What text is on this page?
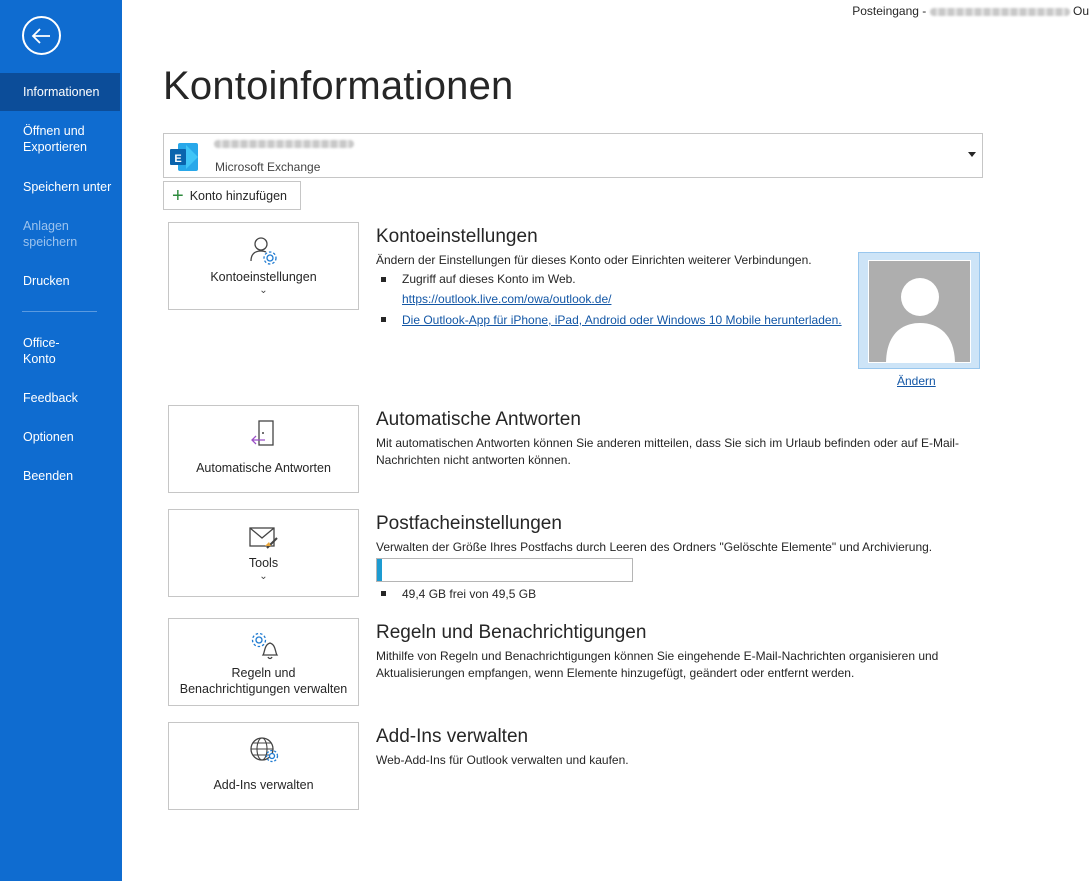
Informationen
Öffnen und Exportieren
Speichern unter
Anlagen speichern
Drucken
Office-Konto
Feedback
Optionen
Beenden
Posteingang -	Ou
Kontoinformationen
E
Microsoft Exchange
+ Konto hinzufügen
Kontoeinstellungen
⌄
Kontoeinstellungen
Ändern der Einstellungen für dieses Konto oder Einrichten weiterer Verbindungen.
Zugriff auf dieses Konto im Web.
https://outlook.live.com/owa/outlook.de/
Die Outlook-App für iPhone, iPad, Android oder Windows 10 Mobile herunterladen.
Ändern
Automatische Antworten
Automatische Antworten
Mit automatischen Antworten können Sie anderen mitteilen, dass Sie sich im Urlaub befinden oder auf E-Mail-Nachrichten nicht antworten können.
Tools
⌄
Postfacheinstellungen
Verwalten der Größe Ihres Postfachs durch Leeren des Ordners "Gelöschte Elemente" und Archivierung.
49,4 GB frei von 49,5 GB
Regeln und
Benachrichtigungen verwalten
Regeln und Benachrichtigungen
Mithilfe von Regeln und Benachrichtigungen können Sie eingehende E-Mail-Nachrichten organisieren und Aktualisierungen empfangen, wenn Elemente hinzugefügt, geändert oder entfernt werden.
Add-Ins verwalten
Add-Ins verwalten
Web-Add-Ins für Outlook verwalten und kaufen.
